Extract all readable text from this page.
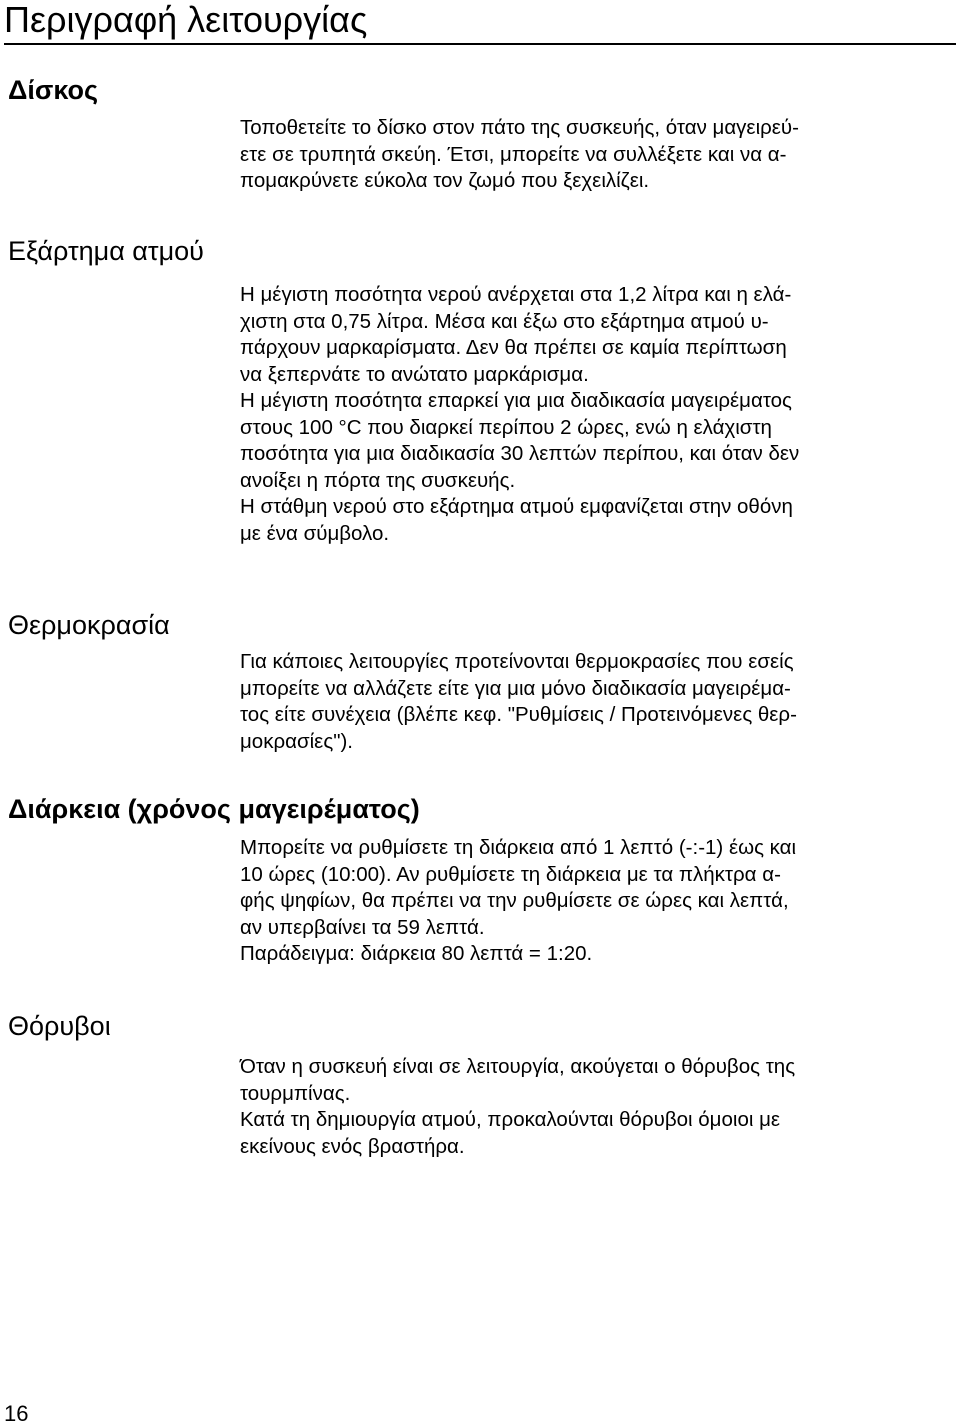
Περιγραφή λειτουργίας
Δίσκος
Τοποθετείτε το δίσκο στον πάτο της συσκευής, όταν μαγειρεύ-
ετε σε τρυπητά σκεύη. Έτσι, μπορείτε να συλλέξετε και να α-
πομακρύνετε εύκολα τον ζωμό που ξεχειλίζει.
Εξάρτημα ατμού
Η μέγιστη ποσότητα νερού ανέρχεται στα 1,2 λίτρα και η ελά-
χιστη στα 0,75 λίτρα. Μέσα και έξω στο εξάρτημα ατμού υ-
πάρχουν μαρκαρίσματα. Δεν θα πρέπει σε καμία περίπτωση
να ξεπερνάτε το ανώτατο μαρκάρισμα.
Η μέγιστη ποσότητα επαρκεί για μια διαδικασία μαγειρέματος
στους 100 °C που διαρκεί περίπου 2 ώρες, ενώ η ελάχιστη
ποσότητα για μια διαδικασία 30 λεπτών περίπου, και όταν δεν
ανοίξει η πόρτα της συσκευής.
Η στάθμη νερού στο εξάρτημα ατμού εμφανίζεται στην οθόνη
με ένα σύμβολο.
Θερμοκρασία
Για κάποιες λειτουργίες προτείνονται θερμοκρασίες που εσείς
μπορείτε να αλλάζετε είτε για μια μόνο διαδικασία μαγειρέμα-
τος είτε συνέχεια (βλέπε κεφ. "Ρυθμίσεις / Προτεινόμενες θερ-
μοκρασίες").
Διάρκεια (χρόνος μαγειρέματος)
Μπορείτε να ρυθμίσετε τη διάρκεια από 1 λεπτό (-:-1) έως και
10 ώρες (10:00). Αν ρυθμίσετε τη διάρκεια με τα πλήκτρα α-
φής ψηφίων, θα πρέπει να την ρυθμίσετε σε ώρες και λεπτά,
αν υπερβαίνει τα 59 λεπτά.
Παράδειγμα: διάρκεια 80 λεπτά = 1:20.
Θόρυβοι
Όταν η συσκευή είναι σε λειτουργία, ακούγεται ο θόρυβος της
τουρμπίνας.
Κατά τη δημιουργία ατμού, προκαλούνται θόρυβοι όμοιοι με
εκείνους ενός βραστήρα.
16
